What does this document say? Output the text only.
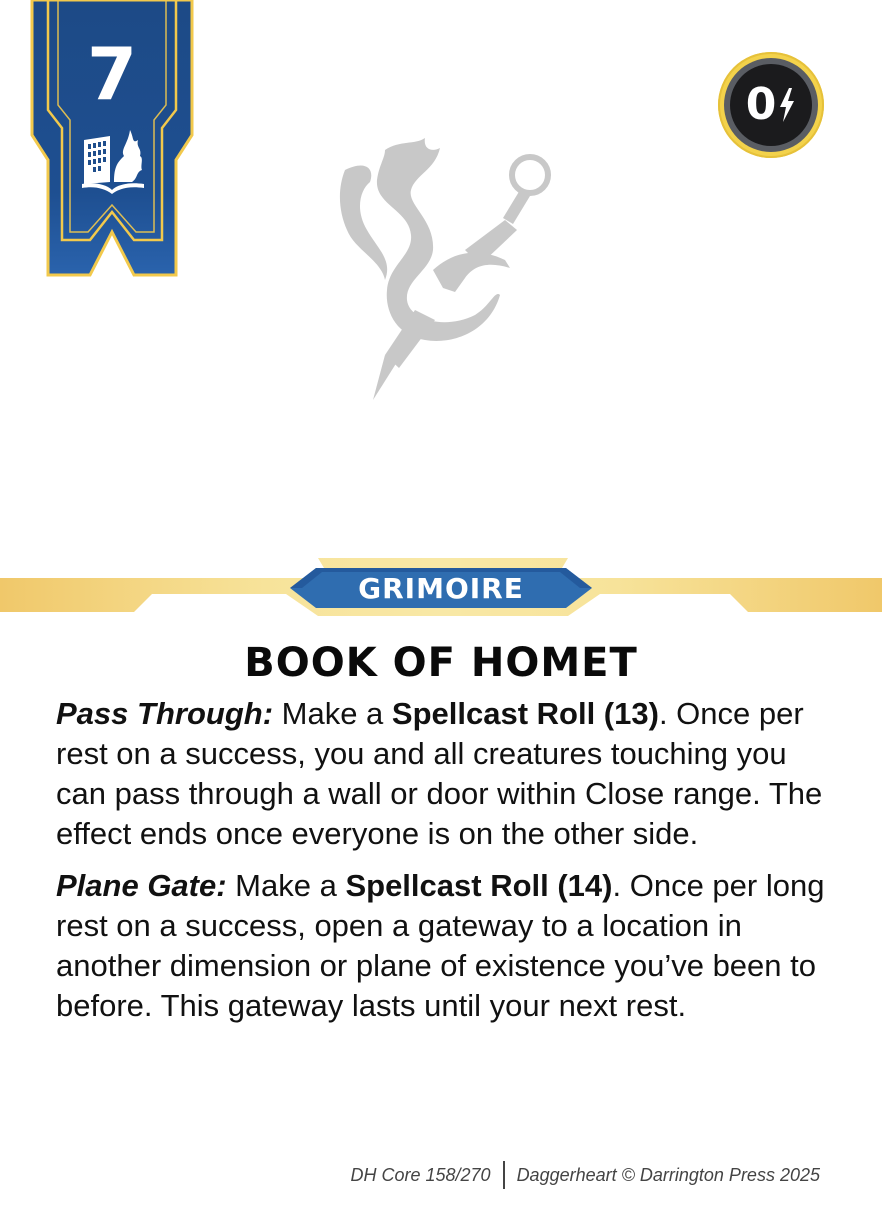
7	0
GRIMOIRE
BOOK OF HOMET

Pass Through: Make a Spellcast Roll (13). Once per rest on a success, you and all creatures touching you can pass through a wall or door within Close range. The effect ends once everyone is on the other side.

Plane Gate: Make a Spellcast Roll (14). Once per long rest on a success, open a gateway to a location in another dimension or plane of existence you’ve been to before. This gateway lasts until your next rest.

DH Core 158/270 Daggerheart © Darrington Press 2025
